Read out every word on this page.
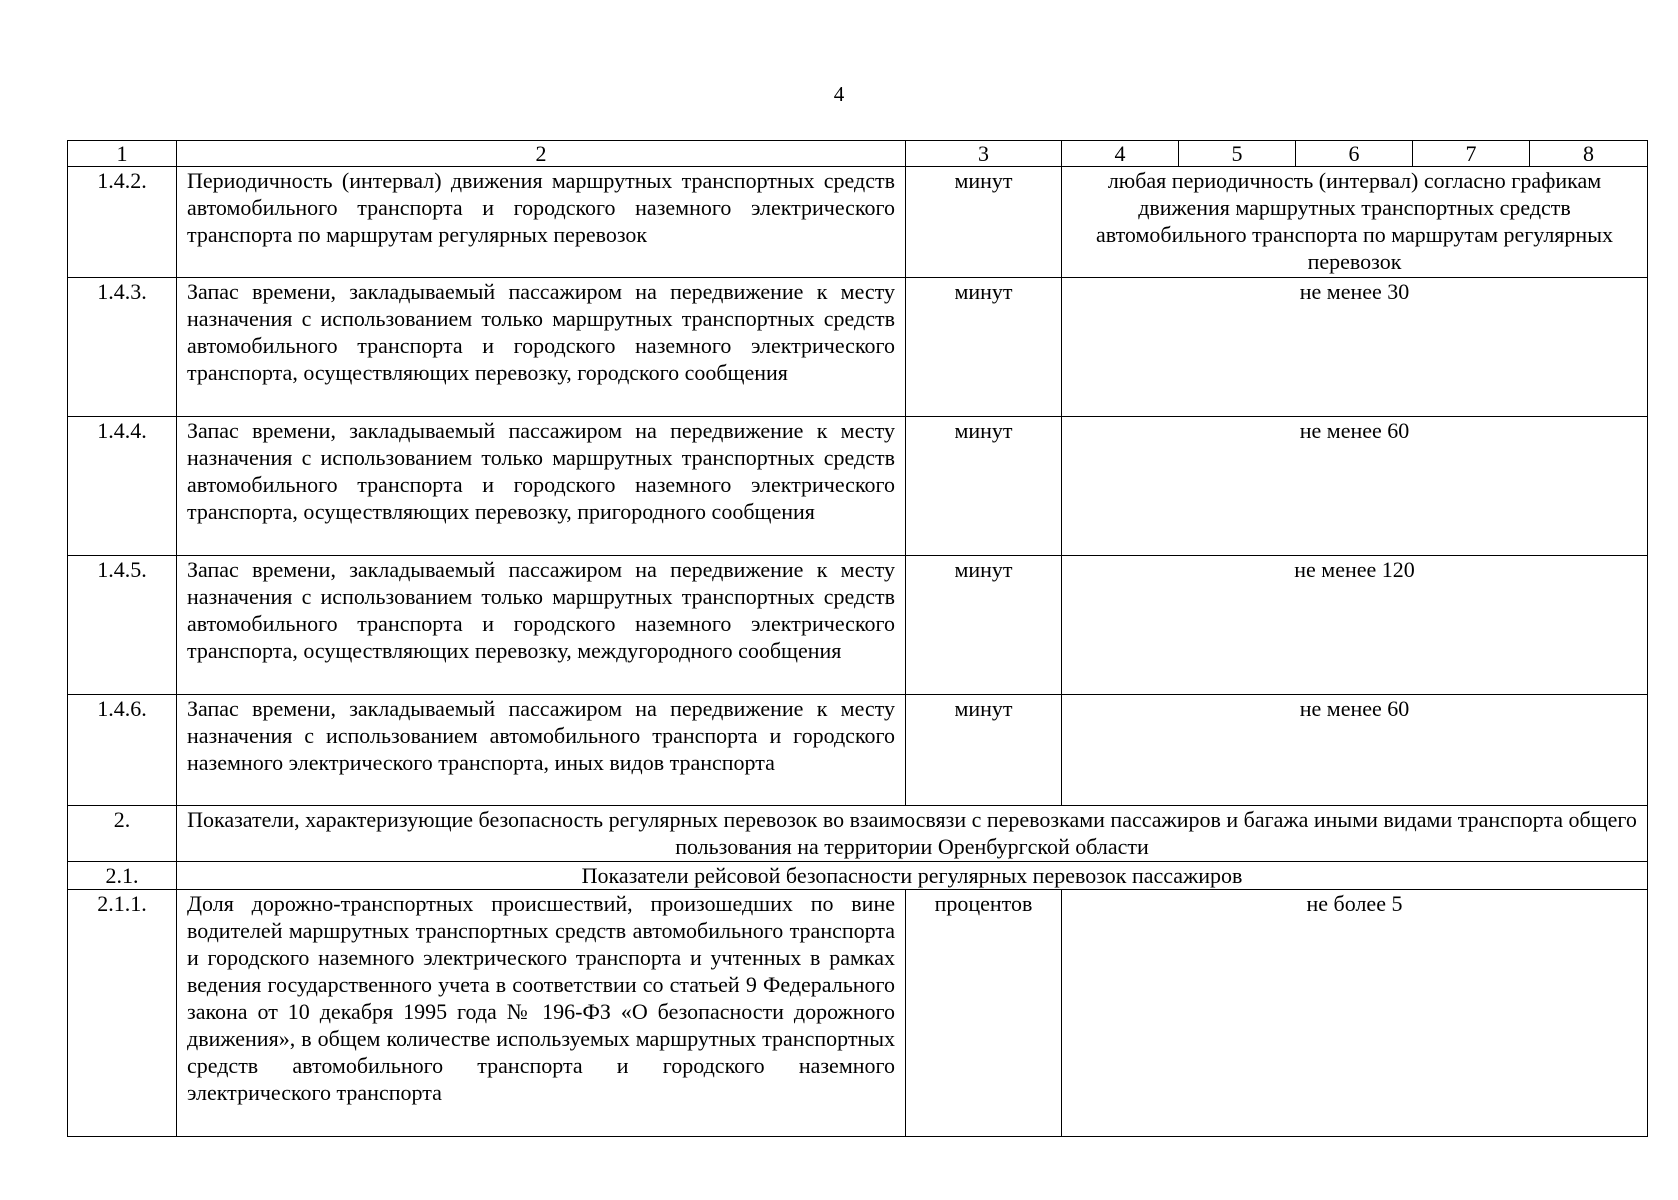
4
1	2	3	4	5	6	7	8
1.4.2.	Периодичность (интервал) движения маршрутных транспортных средств автомобильного транспорта и городского наземного электрического транспорта по маршрутам регулярных перевозок	минут	любая периодичность (интервал) согласно графикам движения маршрутных транспортных средств автомобильного транспорта по маршрутам регулярных перевозок				
1.4.3.	Запас времени, закладываемый пассажиром на передвижение к месту назначения с использованием только маршрутных транспортных средств автомобильного транспорта и городского наземного электрического транспорта, осуществляющих перевозку, городского сообщения	минут	не менее 30				
1.4.4.	Запас времени, закладываемый пассажиром на передвижение к месту назначения с использованием только маршрутных транспортных средств автомобильного транспорта и городского наземного электрического транспорта, осуществляющих перевозку, пригородного сообщения	минут	не менее 60				
1.4.5.	Запас времени, закладываемый пассажиром на передвижение к месту назначения с использованием только маршрутных транспортных средств автомобильного транспорта и городского наземного электрического транспорта, осуществляющих перевозку, междугородного сообщения	минут	не менее 120				
1.4.6.	Запас времени, закладываемый пассажиром на передвижение к месту назначения с использованием автомобильного транспорта и городского наземного электрического транспорта, иных видов транспорта	минут	не менее 60				
2.	Показатели, характеризующие безопасность регулярных перевозок во взаимосвязи с перевозками пассажиров и багажа иными видами транспорта общего пользования на территории Оренбургской области						
2.1.	Показатели рейсовой безопасности регулярных перевозок пассажиров						
2.1.1.	Доля дорожно-транспортных происшествий, произошедших по вине водителей маршрутных транспортных средств автомобильного транспорта и городского наземного электрического транспорта и учтенных в рамках ведения государственного учета в соответствии со статьей 9 Федерального закона от 10 декабря 1995 года № 196-ФЗ «О безопасности дорожного движения», в общем количестве используемых маршрутных транспортных средств автомобильного транспорта и городского наземного электрического транспорта	процентов	не более 5				
